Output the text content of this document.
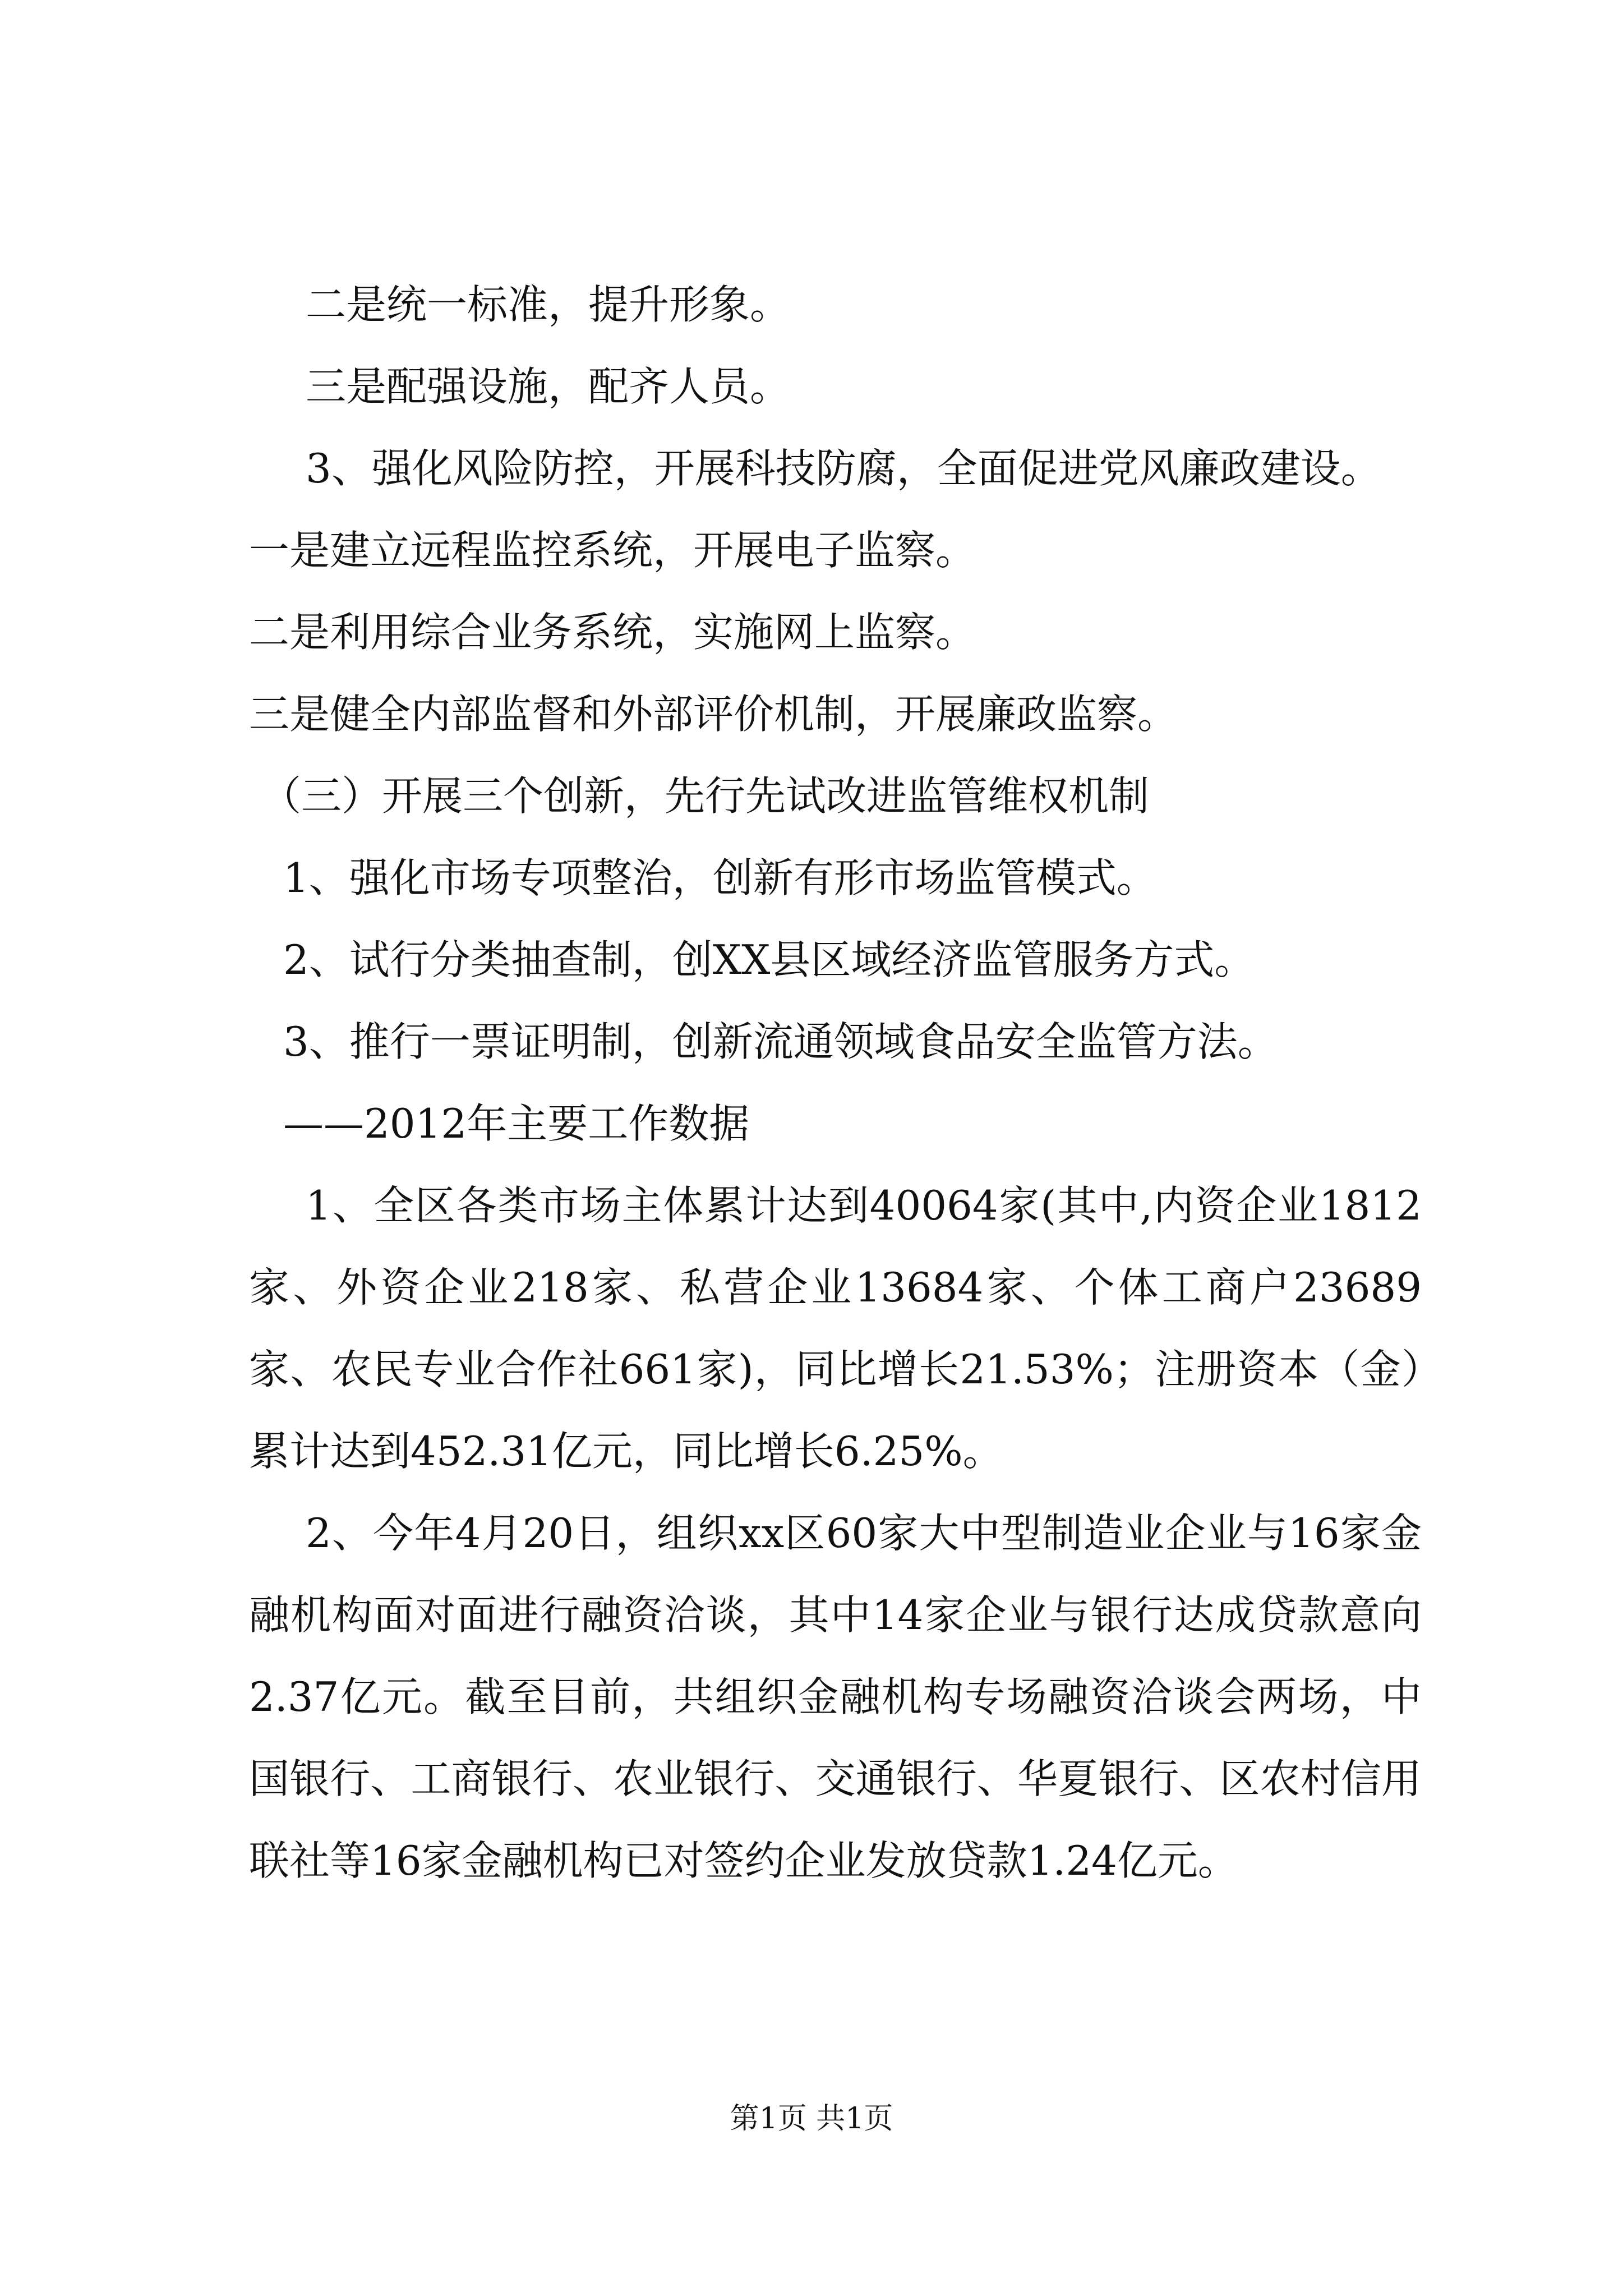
二是统一标准，提升形象。

三是配强设施，配齐人员。

3、强化风险防控，开展科技防腐，全面促进党风廉政建设。

一是建立远程监控系统，开展电子监察。

二是利用综合业务系统，实施网上监察。

三是健全内部监督和外部评价机制，开展廉政监察。

（三）开展三个创新，先行先试改进监管维权机制

1、强化市场专项整治，创新有形市场监管模式。

2、试行分类抽查制，创XX县区域经济监管服务方式。

3、推行一票证明制，创新流通领域食品安全监管方法。

——2012年主要工作数据

1、全区各类市场主体累计达到40064家(其中,内资企业1812家、外资企业218家、私营企业13684家、个体工商户23689家、农民专业合作社661家)，同比增长21.53%；注册资本（金）累计达到452.31亿元，同比增长6.25%。

2、今年4月20日，组织xx区60家大中型制造业企业与16家金融机构面对面进行融资洽谈，其中14家企业与银行达成贷款意向2.37亿元。截至目前，共组织金融机构专场融资洽谈会两场，中国银行、工商银行、农业银行、交通银行、华夏银行、区农村信用联社等16家金融机构已对签约企业发放贷款1.24亿元。

第1页 共1页
